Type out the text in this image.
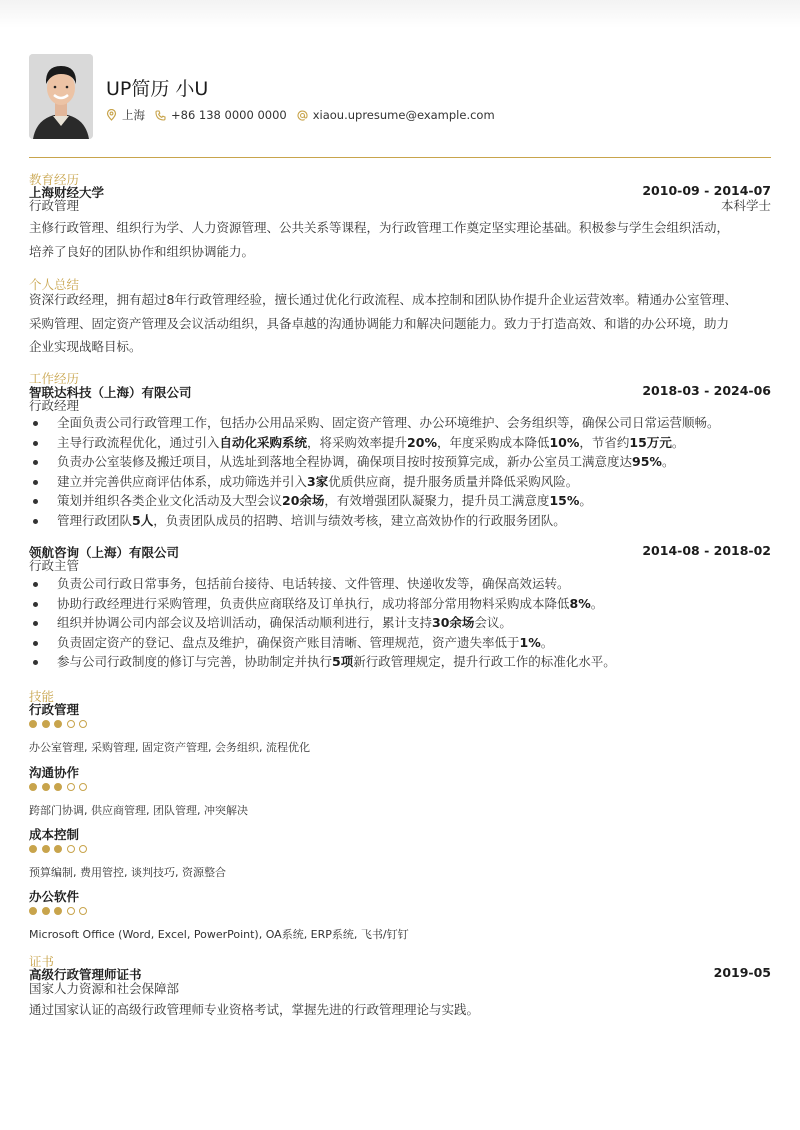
UP简历 小U
上海 +86 138 0000 0000 xiaou.upresume@example.com
教育经历
上海财经大学	2010-09 - 2014-07
行政管理	本科学士
主修行政管理、组织行为学、人力资源管理、公共关系等课程，为行政管理工作奠定坚实理论基础。积极参与学生会组织活动，
培养了良好的团队协作和组织协调能力。
个人总结
资深行政经理，拥有超过8年行政管理经验，擅长通过优化行政流程、成本控制和团队协作提升企业运营效率。精通办公室管理、
采购管理、固定资产管理及会议活动组织，具备卓越的沟通协调能力和解决问题能力。致力于打造高效、和谐的办公环境，助力
企业实现战略目标。
工作经历
智联达科技（上海）有限公司	2018-03 - 2024-06
行政经理
全面负责公司行政管理工作，包括办公用品采购、固定资产管理、办公环境维护、会务组织等，确保公司日常运营顺畅。
主导行政流程优化，通过引入自动化采购系统，将采购效率提升20%，年度采购成本降低10%，节省约15万元。
负责办公室装修及搬迁项目，从选址到落地全程协调，确保项目按时按预算完成，新办公室员工满意度达95%。
建立并完善供应商评估体系，成功筛选并引入3家优质供应商，提升服务质量并降低采购风险。
策划并组织各类企业文化活动及大型会议20余场，有效增强团队凝聚力，提升员工满意度15%。
管理行政团队5人，负责团队成员的招聘、培训与绩效考核，建立高效协作的行政服务团队。
领航咨询（上海）有限公司	2014-08 - 2018-02
行政主管
负责公司行政日常事务，包括前台接待、电话转接、文件管理、快递收发等，确保高效运转。
协助行政经理进行采购管理，负责供应商联络及订单执行，成功将部分常用物料采购成本降低8%。
组织并协调公司内部会议及培训活动，确保活动顺利进行，累计支持30余场会议。
负责固定资产的登记、盘点及维护，确保资产账目清晰、管理规范，资产遗失率低于1%。
参与公司行政制度的修订与完善，协助制定并执行5项新行政管理规定，提升行政工作的标准化水平。
技能
行政管理
办公室管理, 采购管理, 固定资产管理, 会务组织, 流程优化
沟通协作
跨部门协调, 供应商管理, 团队管理, 冲突解决
成本控制
预算编制, 费用管控, 谈判技巧, 资源整合
办公软件
Microsoft Office (Word, Excel, PowerPoint), OA系统, ERP系统, 飞书/钉钉
证书
高级行政管理师证书	2019-05
国家人力资源和社会保障部
通过国家认证的高级行政管理师专业资格考试，掌握先进的行政管理理论与实践。
